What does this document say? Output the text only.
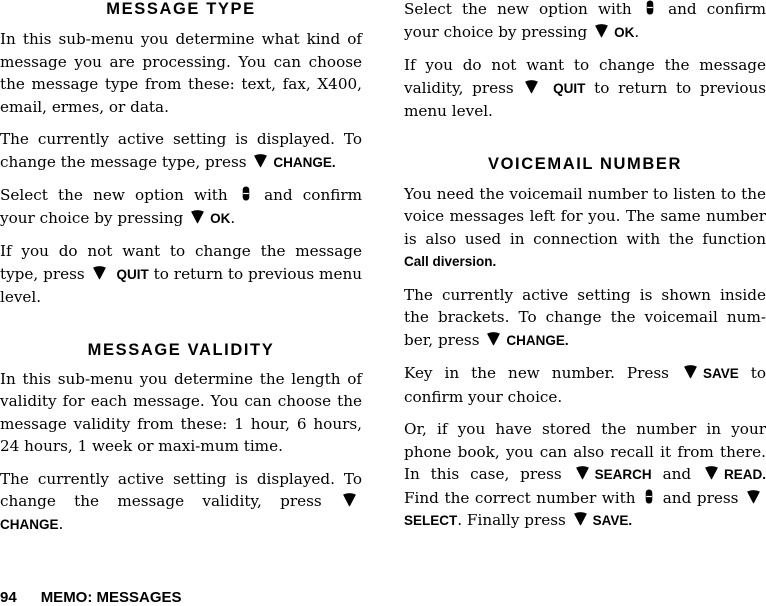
MESSAGE TYPE

In this sub-menu you determine what kind of message you are processing. You can choose the message type from these: text, fax, X400, email, ermes, or data.

The currently active setting is displayed. To change the message type, press CHANGE.

Select the new option with and confirm your choice by pressing OK.

If you do not want to change the message type, press QUIT to return to previous menu level.

MESSAGE VALIDITY

In this sub-menu you determine the length of validity for each message. You can choose the message validity from these: 1 hour, 6 hours, 24 hours, 1 week or maxi-mum time.

The currently active setting is displayed. To change the message validity, press  CHANGE.

Select the new option with and confirm your choice by pressing OK.

If you do not want to change the message validity, press	QUIT to return to previous menu level.

VOICEMAIL NUMBER

You need the voicemail number to listen to the voice messages left for you. The same number is also used in connection with the function Call diversion.

The currently active setting is shown inside the brackets. To change the voicemail num-ber, press CHANGE.

Key in the new number. Press	SAVE to confirm your choice.

Or, if you have stored the number in your phone book, you can also recall it from there. In this case, press SEARCH and READ. Find the correct number with and press SELECT. Finally press SAVE.

94 MEMO: MESSAGES
